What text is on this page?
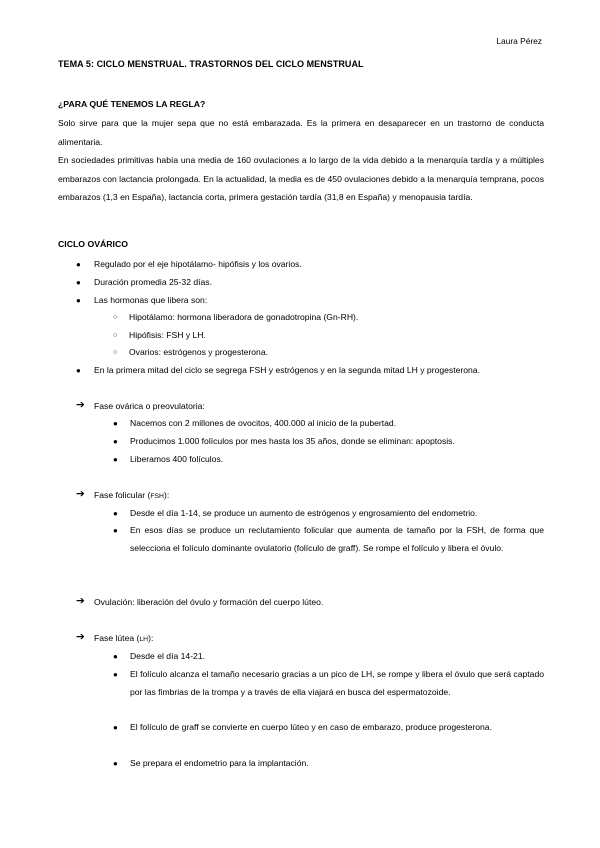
Laura Pérez
TEMA 5: CICLO MENSTRUAL. TRASTORNOS DEL CICLO MENSTRUAL
¿PARA QUÉ TENEMOS LA REGLA?

Solo sirve para que la mujer sepa que no está embarazada. Es la primera en desaparecer en un trastorno de conducta alimentaria.

En sociedades primitivas había una media de 160 ovulaciones a lo largo de la vida debido a la menarquía tardía y a múltiples embarazos con lactancia prolongada. En la actualidad, la media es de 450 ovulaciones debido a la menarquía temprana, pocos embarazos (1,3 en España), lactancia corta, primera gestación tardía (31,8 en España) y menopausia tardía.

CICLO OVÁRICO
●	Regulado por el eje hipotálamo- hipófisis y los ovarios.
●	Duración promedia 25-32 días.
●	Las hormonas que libera son:
○	Hipotálamo: hormona liberadora de gonadotropina (Gn-RH).
○	Hipófisis: FSH y LH.
○	Ovarios: estrógenos y progesterona.
●	En la primera mitad del ciclo se segrega FSH y estrógenos y en la segunda mitad LH y progesterona.
➔	Fase ovárica o preovulatoria:
●	Nacemos con 2 millones de ovocitos, 400.000 al inicio de la pubertad.
●	Producimos 1.000 folículos por mes hasta los 35 años, donde se eliminan: apoptosis.
●	Liberamos 400 folículos.
➔	Fase folicular (FSH):
●	Desde el día 1-14, se produce un aumento de estrógenos y engrosamiento del endometrio.
●	En esos días se produce un reclutamiento folicular que aumenta de tamaño por la FSH, de forma que selecciona el folículo dominante ovulatorio (folículo de graff). Se rompe el folículo y libera el óvulo.
➔	Ovulación: liberación del óvulo y formación del cuerpo lúteo.
➔	Fase lútea (LH):
●	Desde el día 14-21.
●	El folículo alcanza el tamaño necesario gracias a un pico de LH, se rompe y libera el óvulo que será captado por las fimbrias de la trompa y a través de ella viajará en busca del espermatozoide.
●	El folículo de graff se convierte en cuerpo lúteo y en caso de embarazo, produce progesterona.
●	Se prepara el endometrio para la implantación.
